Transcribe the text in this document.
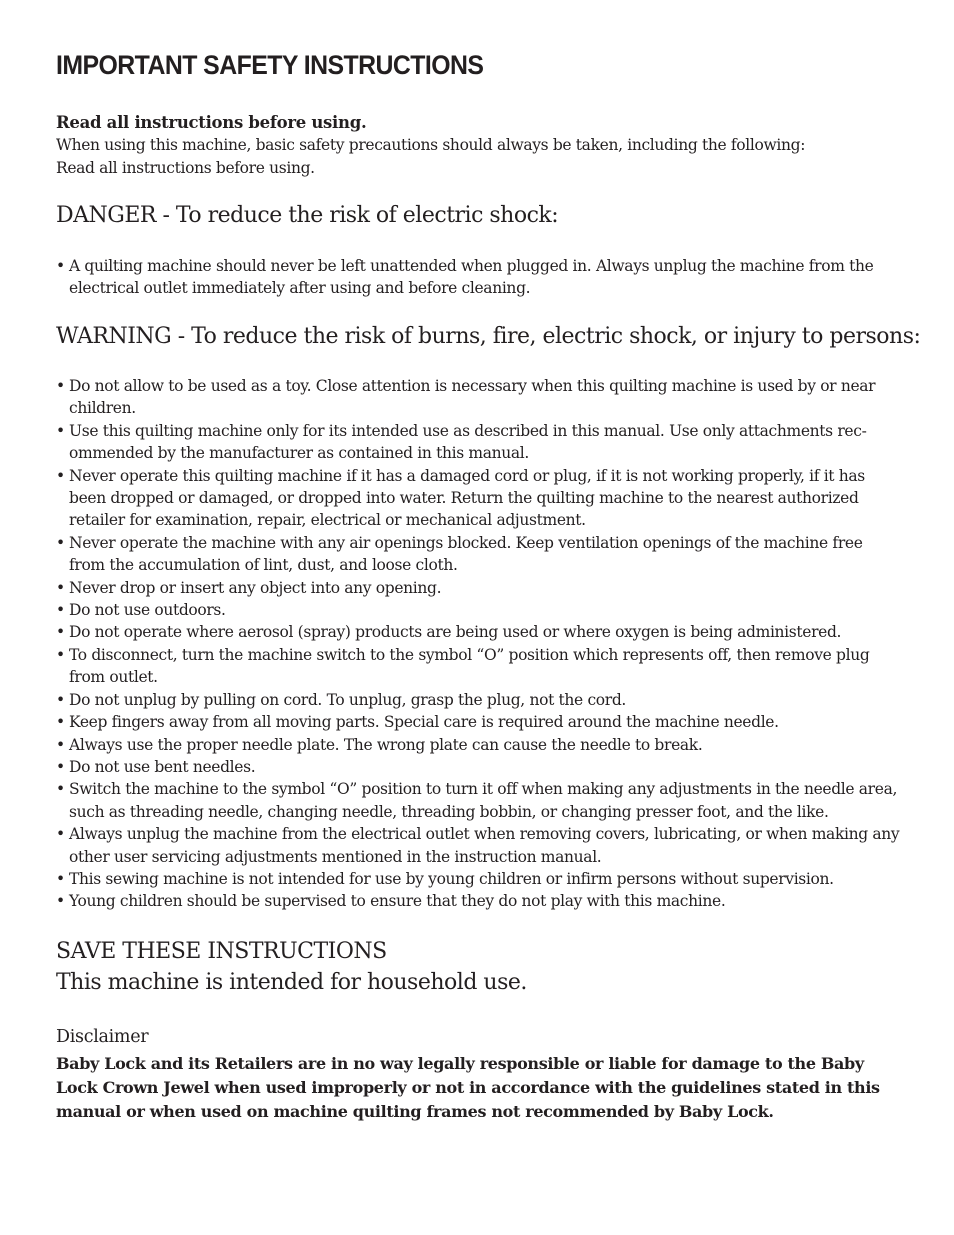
IMPORTANT SAFETY INSTRUCTIONS
Read all instructions before using.
When using this machine, basic safety precautions should always be taken, including the following:
Read all instructions before using.
DANGER - To reduce the risk of electric shock:
• A quilting machine should never be left unattended when plugged in. Always unplug the machine from the electrical outlet immediately after using and before cleaning.
WARNING - To reduce the risk of burns, fire, electric shock, or injury to persons:
• Do not allow to be used as a toy. Close attention is necessary when this quilting machine is used by or near children.
• Use this quilting machine only for its intended use as described in this manual. Use only attachments rec-ommended by the manufacturer as contained in this manual.
• Never operate this quilting machine if it has a damaged cord or plug, if it is not working properly, if it has been dropped or damaged, or dropped into water. Return the quilting machine to the nearest authorized retailer for examination, repair, electrical or mechanical adjustment.
• Never operate the machine with any air openings blocked. Keep ventilation openings of the machine free from the accumulation of lint, dust, and loose cloth.
• Never drop or insert any object into any opening.
• Do not use outdoors.
• Do not operate where aerosol (spray) products are being used or where oxygen is being administered.
• To disconnect, turn the machine switch to the symbol “O” position which represents off, then remove plug from outlet.
• Do not unplug by pulling on cord. To unplug, grasp the plug, not the cord.
• Keep fingers away from all moving parts. Special care is required around the machine needle.
• Always use the proper needle plate. The wrong plate can cause the needle to break.
• Do not use bent needles.
• Switch the machine to the symbol “O” position to turn it off when making any adjustments in the needle area, such as threading needle, changing needle, threading bobbin, or changing presser foot, and the like.
• Always unplug the machine from the electrical outlet when removing covers, lubricating, or when making any other user servicing adjustments mentioned in the instruction manual.
• This sewing machine is not intended for use by young children or infirm persons without supervision.
• Young children should be supervised to ensure that they do not play with this machine.
SAVE THESE INSTRUCTIONS
This machine is intended for household use.
Disclaimer
Baby Lock and its Retailers are in no way legally responsible or liable for damage to the Baby Lock Crown Jewel when used improperly or not in accordance with the guidelines stated in this manual or when used on machine quilting frames not recommended by Baby Lock.
